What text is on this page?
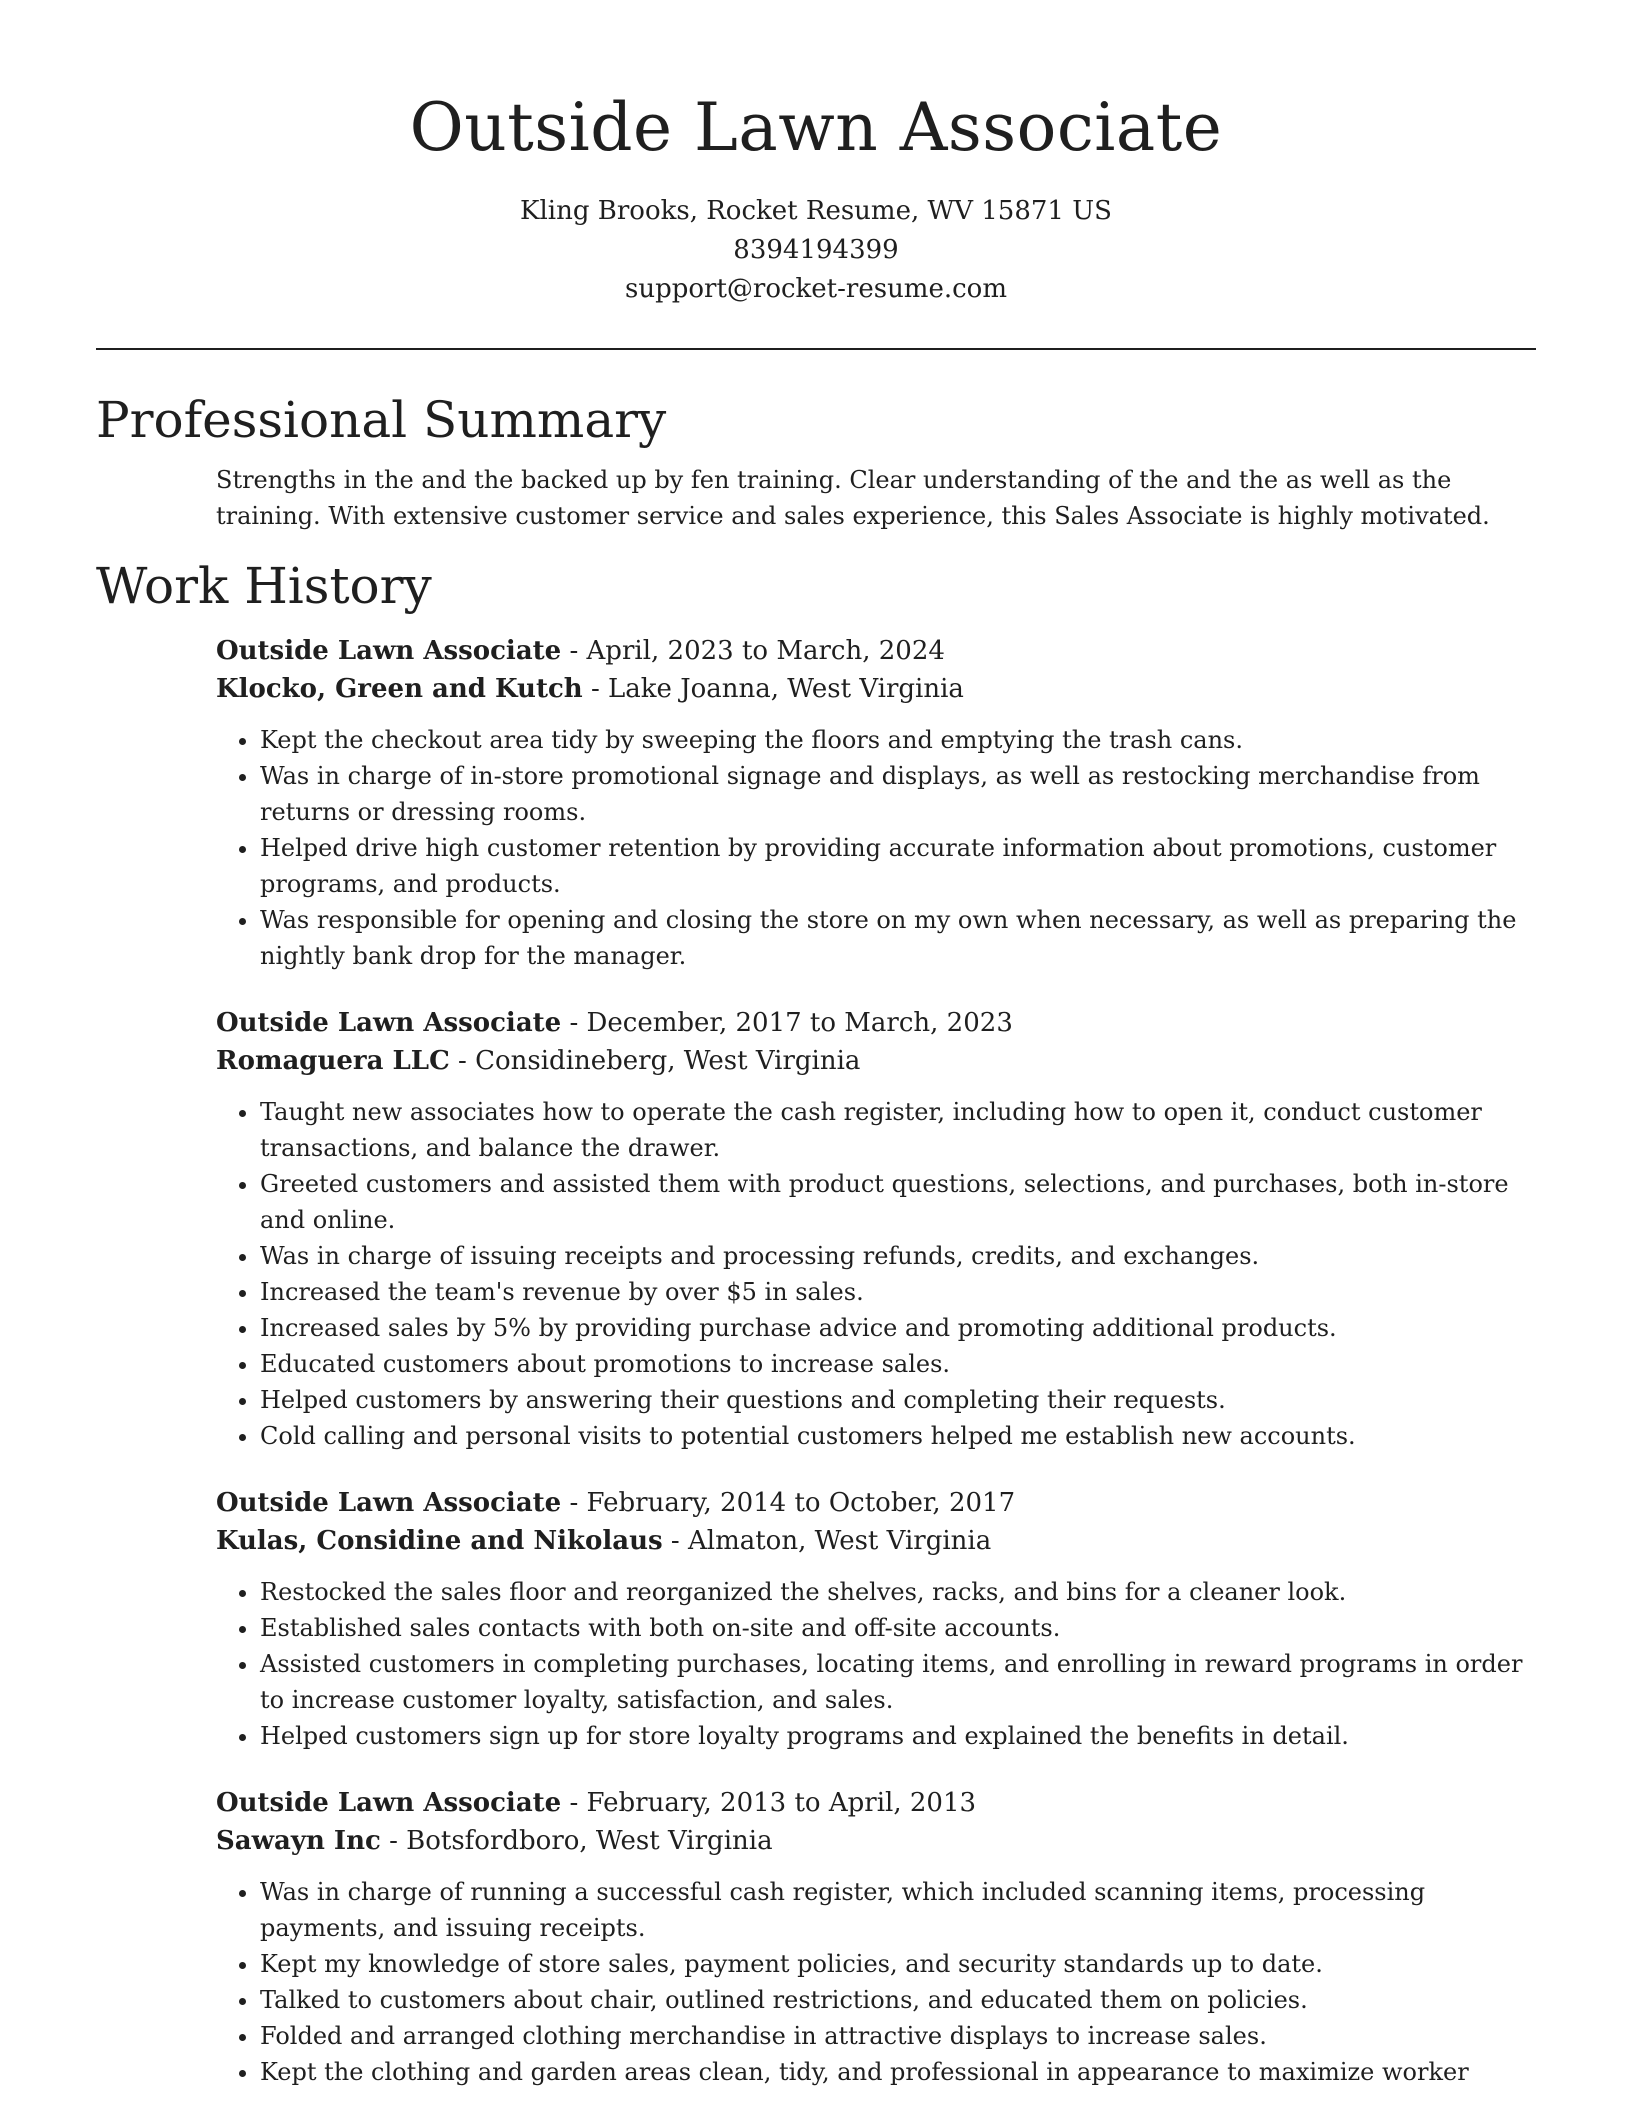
Outside Lawn Associate
Kling Brooks, Rocket Resume, WV 15871 US
8394194399
support@rocket-resume.com
Professional Summary
Strengths in the and the backed up by fen training. Clear understanding of the and the as well as the training. With extensive customer service and sales experience, this Sales Associate is highly motivated.
Work History
Outside Lawn Associate - April, 2023 to March, 2024
Klocko, Green and Kutch - Lake Joanna, West Virginia
• Kept the checkout area tidy by sweeping the floors and emptying the trash cans.
• Was in charge of in-store promotional signage and displays, as well as restocking merchandise from returns or dressing rooms.
• Helped drive high customer retention by providing accurate information about promotions, customer programs, and products.
• Was responsible for opening and closing the store on my own when necessary, as well as preparing the nightly bank drop for the manager.
Outside Lawn Associate - December, 2017 to March, 2023
Romaguera LLC - Considineberg, West Virginia
• Taught new associates how to operate the cash register, including how to open it, conduct customer transactions, and balance the drawer.
• Greeted customers and assisted them with product questions, selections, and purchases, both in-store and online.
• Was in charge of issuing receipts and processing refunds, credits, and exchanges.
• Increased the team's revenue by over $5 in sales.
• Increased sales by 5% by providing purchase advice and promoting additional products.
• Educated customers about promotions to increase sales.
• Helped customers by answering their questions and completing their requests.
• Cold calling and personal visits to potential customers helped me establish new accounts.
Outside Lawn Associate - February, 2014 to October, 2017
Kulas, Considine and Nikolaus - Almaton, West Virginia
• Restocked the sales floor and reorganized the shelves, racks, and bins for a cleaner look.
• Established sales contacts with both on-site and off-site accounts.
• Assisted customers in completing purchases, locating items, and enrolling in reward programs in order to increase customer loyalty, satisfaction, and sales.
• Helped customers sign up for store loyalty programs and explained the benefits in detail.
Outside Lawn Associate - February, 2013 to April, 2013
Sawayn Inc - Botsfordboro, West Virginia
• Was in charge of running a successful cash register, which included scanning items, processing payments, and issuing receipts.
• Kept my knowledge of store sales, payment policies, and security standards up to date.
• Talked to customers about chair, outlined restrictions, and educated them on policies.
• Folded and arranged clothing merchandise in attractive displays to increase sales.
• Kept the clothing and garden areas clean, tidy, and professional in appearance to maximize worker
